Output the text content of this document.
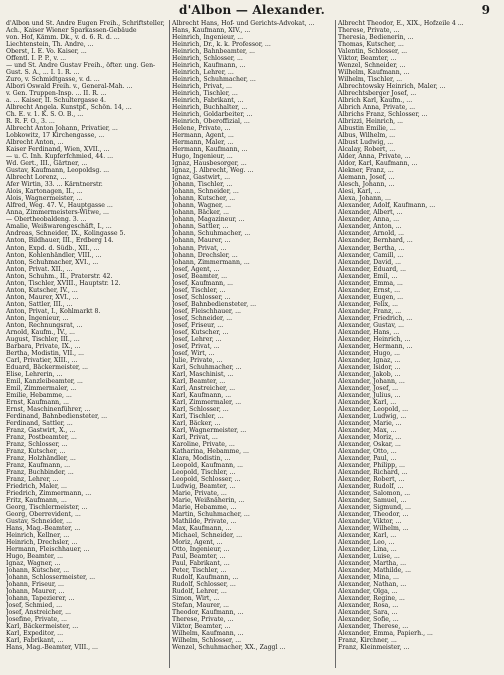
d'Albon — Alexander.	9

d'Albon und St. Andre Eugen Freih., Schriftsteller,

Ach., Kaiser Wiener Sparkassen-Gebäude

von. Hof, Kämm. Dk., v. d. 6. R. d. ...

Liechtenstein, Th. Andre, ...

Oberst, I. E. Vo. Kaiser, ...

Öffentl. I. P. P., v. ...

— und St. Andre Gustav Freih., öfter. ung. Gen-

Gust. S. A., ... I. 1. R. ...

Zuro, v. Schmidtgasse, v. d. ...

Albori Oswald Freih. v., General-Mah. ...

v. Gen. Truppen-Insp. ... II. R. ...

a. ... Kaiser, II. Schultergasse 4.

Albrecht Angela. Kunstpf., Schön. 14, ...

Ch. E. v. 1. K. S. Ö. B., ...

R. R. F. O., 3. ...

Albrecht Anton Johann, Privatier, ...

Lobkowitz, 17 Kirchengasse, ...

Albrecht Anton, ...

Kaiser Ferdinand, Wien, XVII., ...

— u. C. Inh. Kupferfchmied, 44. ...

Wd. Gert., III., Gärtner, ...

Gustav, Kaufmann, Leopoldsg. ...

Albrecht Lorenz, ...

Afer Wirtin, 33. ... Kärntnerstr.

Alois, Kartonagen, II., ...

Alois, Wagnermeister, ...

Alfred, Weg. 47. V., Hauptgasse ...

Anna, Zimmermeisters-Witwe, ...

— Obertheobaldeng. 3. ...

Amalie, Weißwarengeschäft, I., ...

Andreas, Schneider, IX., Kolingasse 5.

Anton, Bildhauer, III., Erdberg 14.

Anton, Expd. d. Südb., XII., ...

Anton, Kohlenhändler, VIII., ...

Anton, Schuhmacher, XVI., ...

Anton, Privat. XII., ...

Anton, Schuhm., II., Praterstr. 42.

Anton, Tischler, XVIII., Hauptstr. 12.

Anton, Kutscher, IV., ...

Anton, Maurer, XVI., ...

Anton, Sattler, III., ...

Anton, Privat, I., Kohlmarkt 8.

Anton, Ingenieur, ...

Anton, Rechnungsrat, ...

Arnold, Kaufm., IV., ...

August, Tischler, III., ...

Barbara, Private, IX., ...

Bertha, Modistin, VII., ...

Carl, Privatier, XIII., ...

Eduard, Bäckermeister, ...

Elise, Lehrerin, ...

Emil, Kanzleibeamter, ...

Emil, Zimmermaler, ...

Emilie, Hebamme, ...

Ernst, Kaufmann, ...

Ernst, Maschinenführer, ...

Ferdinand, Bahnbediensteter, ...

Ferdinand, Sattler, ...

Franz, Gastwirt, X., ...

Franz, Postbeamter, ...

Franz, Schlosser, ...

Franz, Kutscher, ...

Franz, Holzhändler, ...

Franz, Kaufmann, ...

Franz, Buchbinder, ...

Franz, Lehrer, ...

Friedrich, Maler, ...

Friedrich, Zimmermann, ...

Fritz, Kaufmann, ...

Georg, Tischlermeister, ...

Georg, Oberrevident, ...

Gustav, Schneider, ...

Hans, Mag.-Beamter, ...

Heinrich, Kellner, ...

Heinrich, Drechsler, ...

Hermann, Fleischhauer, ...

Hugo, Beamter, ...

Ignaz, Wagner, ...

Johann, Kutscher, ...

Johann, Schlossermeister, ...

Johann, Friseur, ...

Johann, Maurer, ...

Johann, Tapezierer, ...

Josef, Schmied, ...

Josef, Anstreicher, ...

Josefine, Private, ...

Karl, Bäckermeister, ...

Karl, Expeditor, ...

Karl, Fabrikant, ...

Hans, Mag.-Beamter, VIII., ...

Albrecht Hans, Hof- und Gerichts-Advokat, ...

Hans, Kaufmann, XIV., ...

Heinrich, Ingenieur, ...

Heinrich, Dr., k. k. Professor, ...

Heinrich, Bahnbeamter, ...

Heinrich, Schlosser, ...

Heinrich, Kaufmann, ...

Heinrich, Lehrer, ...

Heinrich, Schuhmacher, ...

Heinrich, Privat, ...

Heinrich, Tischler, ...

Heinrich, Fabrikant, ...

Heinrich, Buchhalter, ...

Heinrich, Goldarbeiter, ...

Heinrich, Oberoffizial, ...

Helene, Private, ...

Hermann, Agent, ...

Hermann, Maler, ...

Hermann, Kaufmann, ...

Hugo, Ingenieur, ...

Ignaz, Hausbesorger, ...

Ignaz, J. Albrecht, Weg. ...

Ignaz, Gastwirt, ...

Johann, Tischler, ...

Johann, Schneider, ...

Johann, Kutscher, ...

Johann, Wagner, ...

Johann, Bäcker, ...

Johann, Magazineur, ...

Johann, Sattler, ...

Johann, Schuhmacher, ...

Johann, Maurer, ...

Johann, Privat, ...

Johann, Drechsler, ...

Johann, Zimmermann, ...

Josef, Agent, ...

Josef, Beamter, ...

Josef, Kaufmann, ...

Josef, Tischler, ...

Josef, Schlosser, ...

Josef, Bahnbediensteter, ...

Josef, Fleischhauer, ...

Josef, Schneider, ...

Josef, Friseur, ...

Josef, Kutscher, ...

Josef, Lehrer, ...

Josef, Privat, ...

Josef, Wirt, ...

Julie, Private, ...

Karl, Schuhmacher, ...

Karl, Maschinist, ...

Karl, Beamter, ...

Karl, Anstreicher, ...

Karl, Kaufmann, ...

Karl, Zimmermaler, ...

Karl, Schlosser, ...

Karl, Tischler, ...

Karl, Bäcker, ...

Karl, Wagnermeister, ...

Karl, Privat, ...

Karoline, Private, ...

Katharina, Hebamme, ...

Klara, Modistin, ...

Leopold, Kaufmann, ...

Leopold, Tischler, ...

Leopold, Schlosser, ...

Ludwig, Beamter, ...

Marie, Private, ...

Marie, Weißnäherin, ...

Marie, Hebamme, ...

Martin, Schuhmacher, ...

Mathilde, Private, ...

Max, Kaufmann, ...

Michael, Schneider, ...

Moriz, Agent, ...

Otto, Ingenieur, ...

Paul, Beamter, ...

Paul, Fabrikant, ...

Peter, Tischler, ...

Rudolf, Kaufmann, ...

Rudolf, Schlosser, ...

Rudolf, Lehrer, ...

Simon, Wirt, ...

Stefan, Maurer, ...

Theodor, Kaufmann, ...

Therese, Private, ...

Viktor, Beamter, ...

Wilhelm, Kaufmann, ...

Wilhelm, Schlosser, ...

Wenzel, Schuhmacher, XX., Zaggl ...

Albrecht Theodor, E., XIX., Hofzeile 4 ...

Therese, Private, ...

Theresia, Bedienerin, ...

Thomas, Kutscher, ...

Valentin, Schlosser, ...

Viktor, Beamter, ...

Wenzel, Schneider, ...

Wilhelm, Kaufmann, ...

Wilhelm, Tischler, ...

Albrechtowsky Heinrich, Maler, ...

Albrechtsberger Josef, ...

Albrich Karl, Kaufm., ...

Albrich Anna, Private, ...

Albrichs Franz, Schlosser, ...

Albrizzi, Heinrich, ...

Albustin Emilie, ...

Albus, Wilhelm, ...

Albust Ludwig, ...

Alcalay, Robert, ...

Alder, Anna, Private, ...

Aldor, Karl, Kaufmann, ...

Alekner, Franz, ...

Alemann, Josef, ...

Alesch, Johann, ...

Alesi, Karl, ...

Alexa, Johann, ...

Alexander, Adolf, Kaufmann, ...

Alexander, Albert, ...

Alexander, Anna, ...

Alexander, Anton, ...

Alexander, Arnold, ...

Alexander, Bernhard, ...

Alexander, Bertha, ...

Alexander, Camill, ...

Alexander, David, ...

Alexander, Eduard, ...

Alexander, Emil, ...

Alexander, Emma, ...

Alexander, Ernst, ...

Alexander, Eugen, ...

Alexander, Felix, ...

Alexander, Franz, ...

Alexander, Friedrich, ...

Alexander, Gustav, ...

Alexander, Hans, ...

Alexander, Heinrich, ...

Alexander, Hermann, ...

Alexander, Hugo, ...

Alexander, Ignaz, ...

Alexander, Isidor, ...

Alexander, Jakob, ...

Alexander, Johann, ...

Alexander, Josef, ...

Alexander, Julius, ...

Alexander, Karl, ...

Alexander, Leopold, ...

Alexander, Ludwig, ...

Alexander, Marie, ...

Alexander, Max, ...

Alexander, Moriz, ...

Alexander, Oskar, ...

Alexander, Otto, ...

Alexander, Paul, ...

Alexander, Philipp, ...

Alexander, Richard, ...

Alexander, Robert, ...

Alexander, Rudolf, ...

Alexander, Salomon, ...

Alexander, Samuel, ...

Alexander, Sigmund, ...

Alexander, Theodor, ...

Alexander, Viktor, ...

Alexander, Wilhelm, ...

Alexander, Karl, ...

Alexander, Leo, ...

Alexander, Lina, ...

Alexander, Luise, ...

Alexander, Martha, ...

Alexander, Mathilde, ...

Alexander, Mina, ...

Alexander, Nathan, ...

Alexander, Olga, ...

Alexander, Regine, ...

Alexander, Rosa, ...

Alexander, Sara, ...

Alexander, Sofie, ...

Alexander, Therese, ...

Alexander, Emma, Papierh., ...

Franz, Kirchner, ...

Franz, Kleinmeister, ...
